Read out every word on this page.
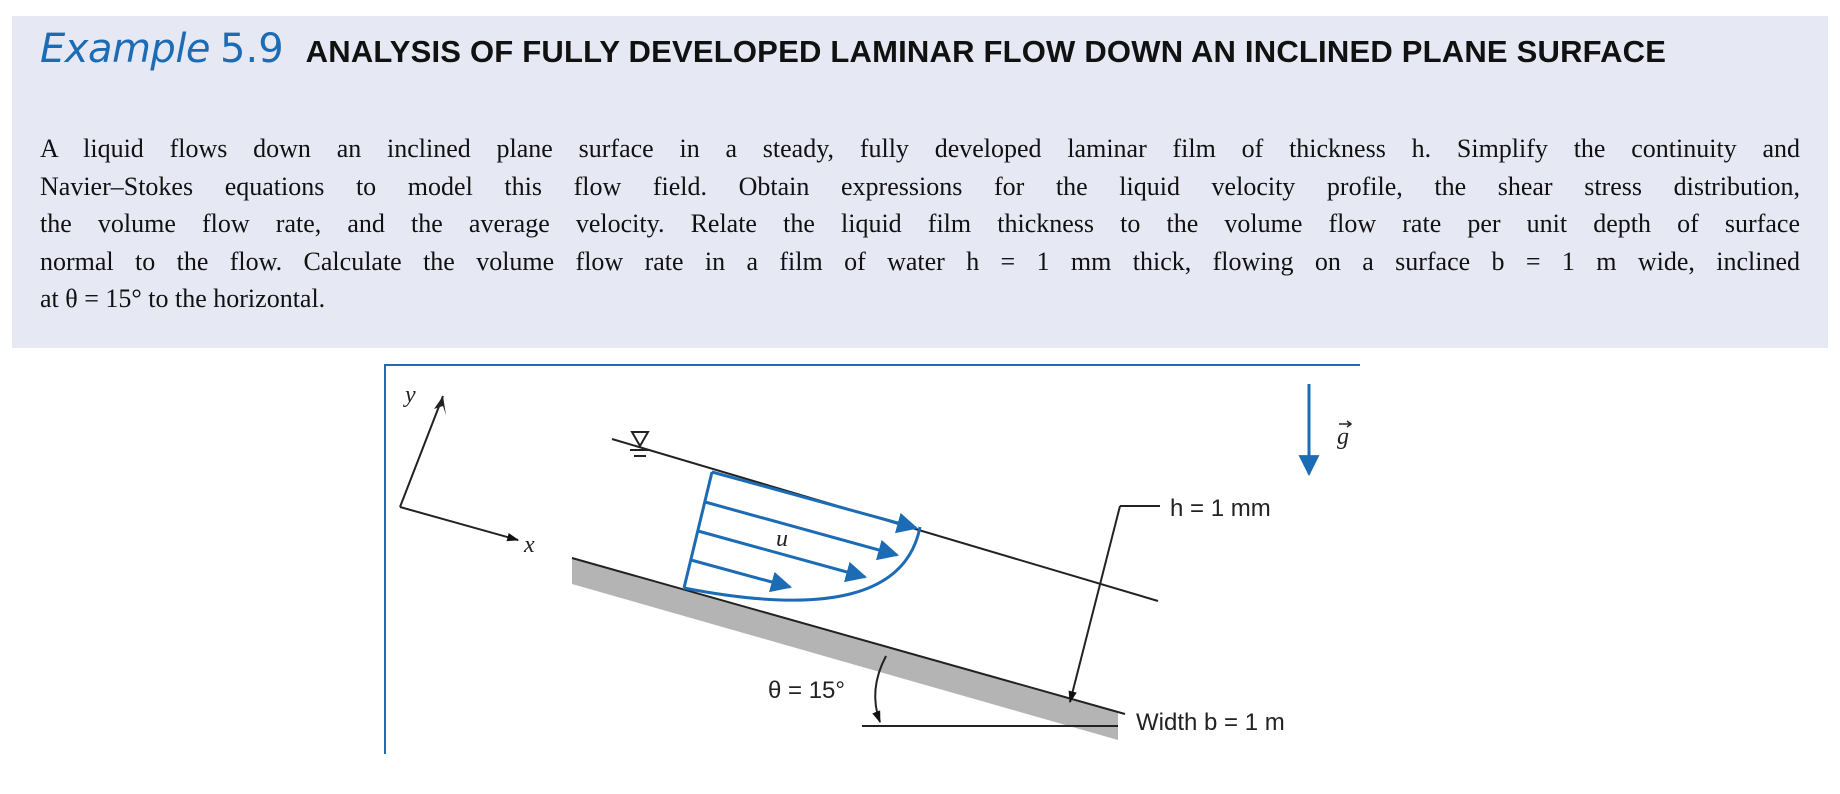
Example 5.9 ANALYSIS OF FULLY DEVELOPED LAMINAR FLOW DOWN AN INCLINED PLANE SURFACE
A liquid flows down an inclined plane surface in a steady, fully developed laminar film of thickness h. Simplify the continuity and
Navier–Stokes equations to model this flow field. Obtain expressions for the liquid velocity profile, the shear stress distribution,
the volume flow rate, and the average velocity. Relate the liquid film thickness to the volume flow rate per unit depth of surface
normal to the flow. Calculate the volume flow rate in a film of water h = 1 mm thick, flowing on a surface b = 1 m wide, inclined
at θ = 15° to the horizontal.
y
x	u
g
h = 1 mm
θ = 15°
Width b = 1 m
